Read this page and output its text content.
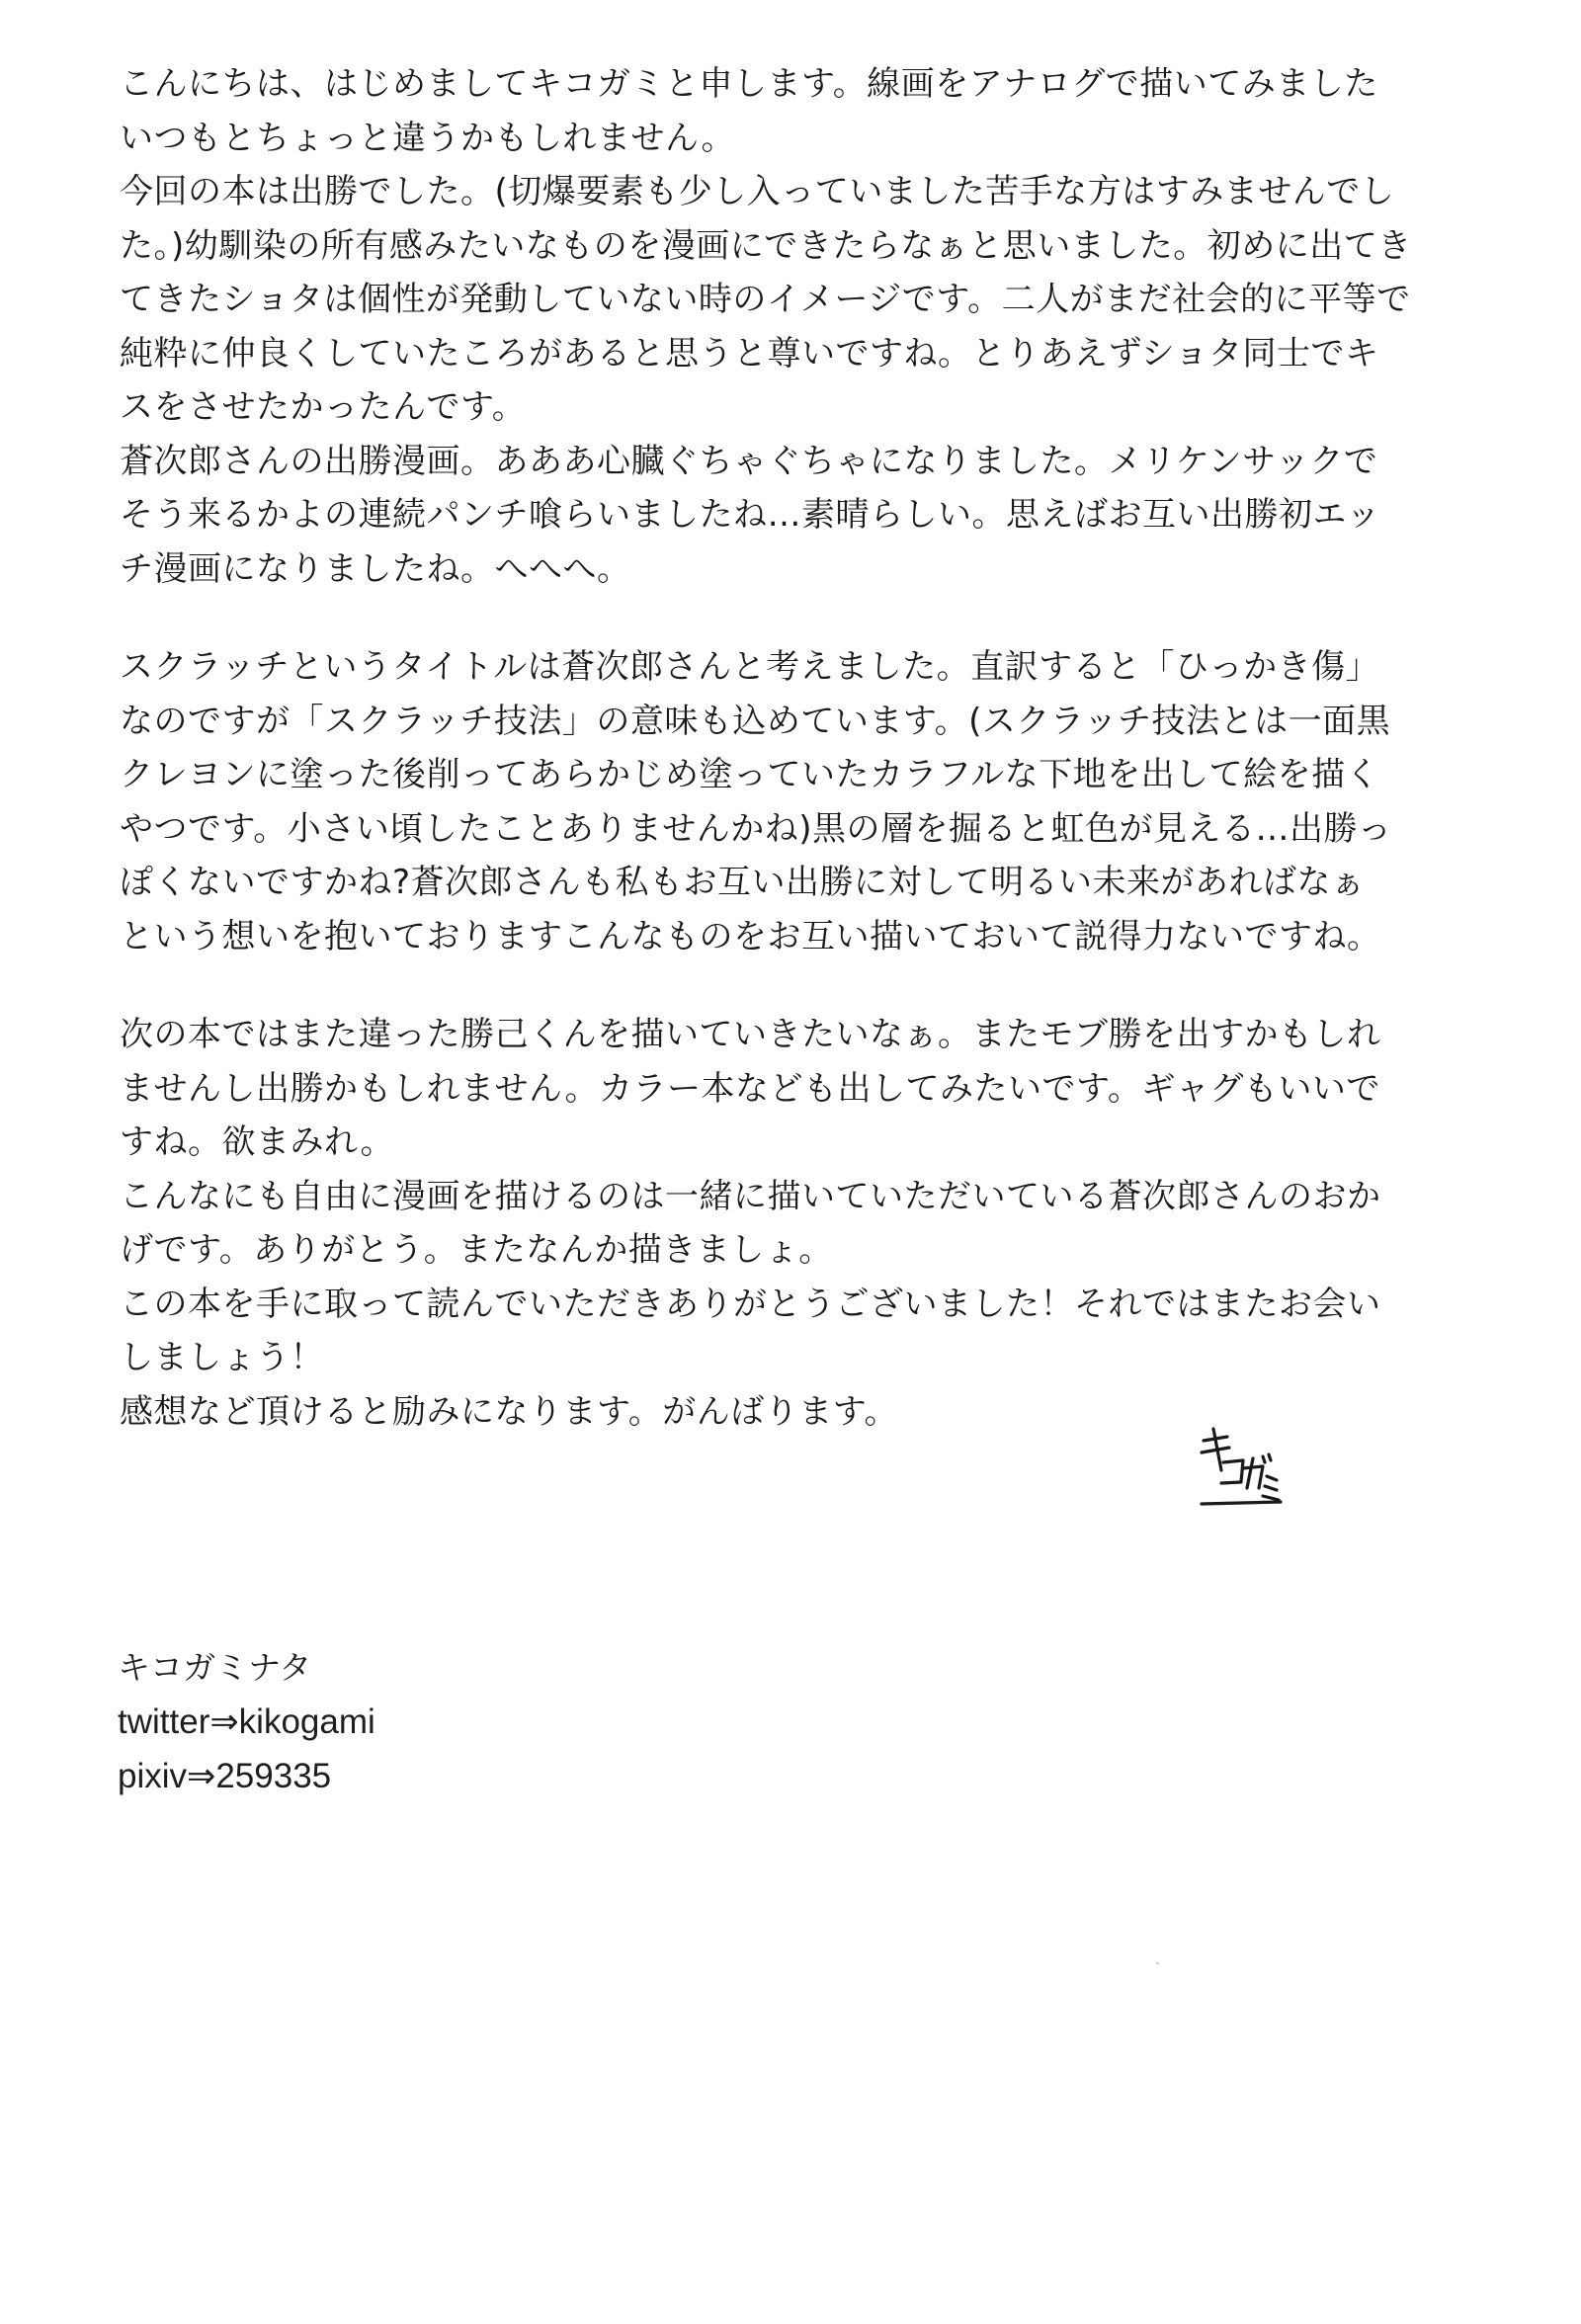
こんにちは、はじめましてキコガミと申します。線画をアナログで描いてみました
いつもとちょっと違うかもしれません。
今回の本は出勝でした。(切爆要素も少し入っていました苦手な方はすみませんでし
た。)幼馴染の所有感みたいなものを漫画にできたらなぁと思いました。初めに出てき
てきたショタは個性が発動していない時のイメージです。二人がまだ社会的に平等で
純粋に仲良くしていたころがあると思うと尊いですね。とりあえずショタ同士でキ
スをさせたかったんです。
蒼次郎さんの出勝漫画。あああ心臓ぐちゃぐちゃになりました。メリケンサックで
そう来るかよの連続パンチ喰らいましたね…素晴らしい。思えばお互い出勝初エッ
チ漫画になりましたね。へへへ。
スクラッチというタイトルは蒼次郎さんと考えました。直訳すると「ひっかき傷」
なのですが「スクラッチ技法」の意味も込めています。(スクラッチ技法とは一面黒
クレヨンに塗った後削ってあらかじめ塗っていたカラフルな下地を出して絵を描く
やつです。小さい頃したことありませんかね)黒の層を掘ると虹色が見える…出勝っ
ぽくないですかね?蒼次郎さんも私もお互い出勝に対して明るい未来があればなぁ
という想いを抱いておりますこんなものをお互い描いておいて説得力ないですね。
次の本ではまた違った勝己くんを描いていきたいなぁ。またモブ勝を出すかもしれ
ませんし出勝かもしれません。カラー本なども出してみたいです。ギャグもいいで
すね。欲まみれ。
こんなにも自由に漫画を描けるのは一緒に描いていただいている蒼次郎さんのおか
げです。ありがとう。またなんか描きましょ。
この本を手に取って読んでいただきありがとうございました！それではまたお会い
しましょう！
感想など頂けると励みになります。がんばります。
キコガミナタ
twitter⇒kikogami
pixiv⇒259335
